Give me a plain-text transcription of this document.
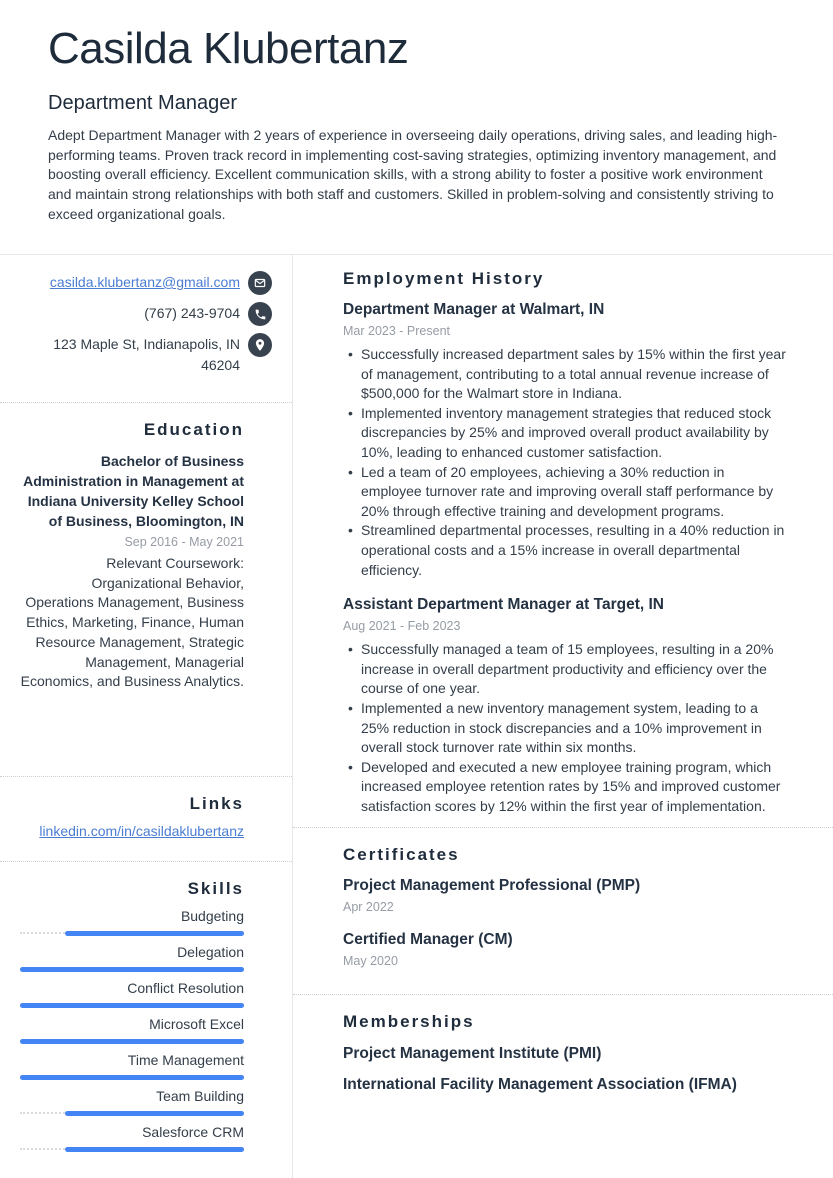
Casilda Klubertanz
Department Manager
Adept Department Manager with 2 years of experience in overseeing daily operations, driving sales, and leading high-performing teams. Proven track record in implementing cost-saving strategies, optimizing inventory management, and boosting overall efficiency. Excellent communication skills, with a strong ability to foster a positive work environment and maintain strong relationships with both staff and customers. Skilled in problem-solving and consistently striving to exceed organizational goals.
casilda.klubertanz@gmail.com
(767) 243-9704
123 Maple St, Indianapolis, IN 46204
Education
Bachelor of Business Administration in Management at Indiana University Kelley School of Business, Bloomington, IN
Sep 2016 - May 2021
Relevant Coursework: Organizational Behavior, Operations Management, Business Ethics, Marketing, Finance, Human Resource Management, Strategic Management, Managerial Economics, and Business Analytics.
Links
linkedin.com/in/casildaklubertanz
Skills
Budgeting
Delegation
Conflict Resolution
Microsoft Excel
Time Management
Team Building
Salesforce CRM
Employment History
Department Manager at Walmart, IN
Mar 2023 - Present
• Successfully increased department sales by 15% within the first year of management, contributing to a total annual revenue increase of $500,000 for the Walmart store in Indiana.
• Implemented inventory management strategies that reduced stock discrepancies by 25% and improved overall product availability by 10%, leading to enhanced customer satisfaction.
• Led a team of 20 employees, achieving a 30% reduction in employee turnover rate and improving overall staff performance by 20% through effective training and development programs.
• Streamlined departmental processes, resulting in a 40% reduction in operational costs and a 15% increase in overall departmental efficiency.
Assistant Department Manager at Target, IN
Aug 2021 - Feb 2023
• Successfully managed a team of 15 employees, resulting in a 20% increase in overall department productivity and efficiency over the course of one year.
• Implemented a new inventory management system, leading to a 25% reduction in stock discrepancies and a 10% improvement in overall stock turnover rate within six months.
• Developed and executed a new employee training program, which increased employee retention rates by 15% and improved customer satisfaction scores by 12% within the first year of implementation.
Certificates
Project Management Professional (PMP)
Apr 2022
Certified Manager (CM)
May 2020
Memberships
Project Management Institute (PMI)
International Facility Management Association (IFMA)
